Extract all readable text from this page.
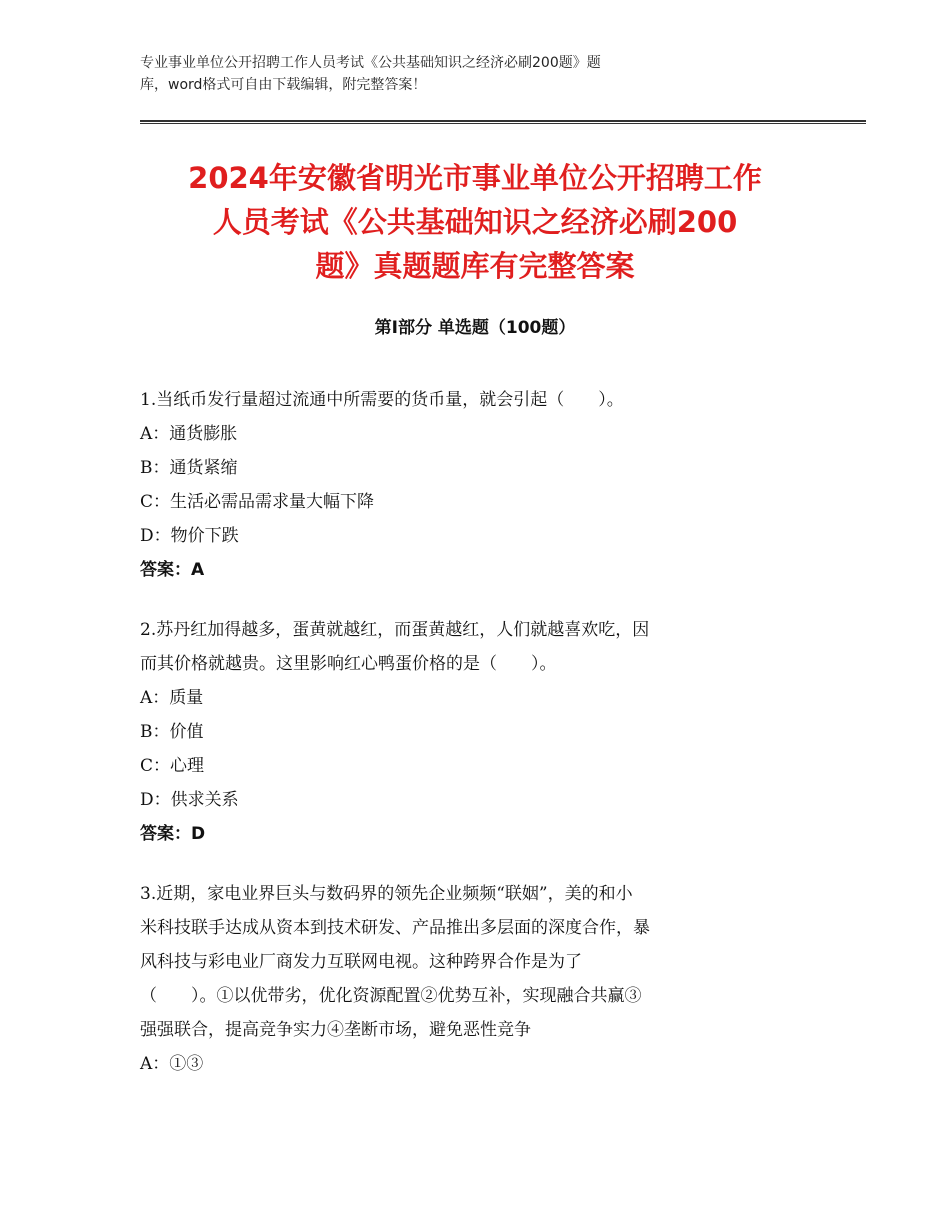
专业事业单位公开招聘工作人员考试《公共基础知识之经济必刷200题》题
库，word格式可自由下载编辑，附完整答案！
2024年安徽省明光市事业单位公开招聘工作
人员考试《公共基础知识之经济必刷200
题》真题题库有完整答案
第Ⅰ部分 单选题（100题）
1.当纸币发行量超过流通中所需要的货币量，就会引起（　　）。
A：通货膨胀
B：通货紧缩
C：生活必需品需求量大幅下降
D：物价下跌
答案：A
2.苏丹红加得越多，蛋黄就越红，而蛋黄越红，人们就越喜欢吃，因
而其价格就越贵。这里影响红心鸭蛋价格的是（　　）。
A：质量
B：价值
C：心理
D：供求关系
答案：D
3.近期，家电业界巨头与数码界的领先企业频频“联姻”，美的和小
米科技联手达成从资本到技术研发、产品推出多层面的深度合作，暴
风科技与彩电业厂商发力互联网电视。这种跨界合作是为了
（　　）。①以优带劣，优化资源配置②优势互补，实现融合共赢③
强强联合，提高竞争实力④垄断市场，避免恶性竞争
A：①③
